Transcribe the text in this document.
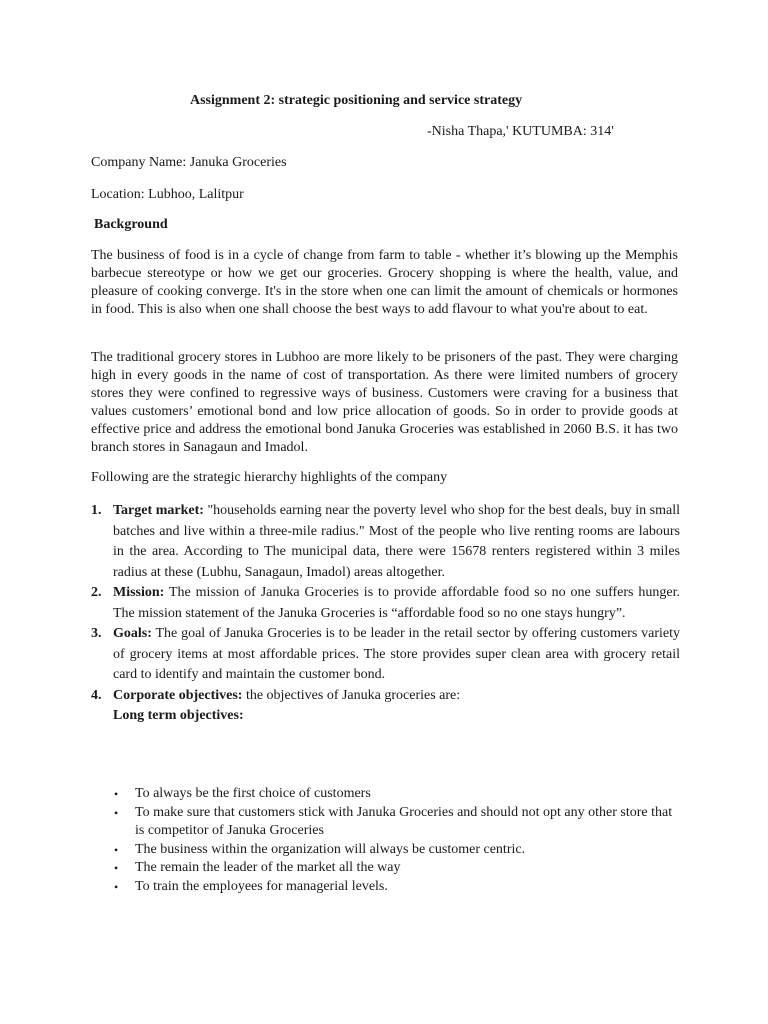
Assignment 2: strategic positioning and service strategy
-Nisha Thapa,' KUTUMBA: 314'
Company Name: Januka Groceries
Location: Lubhoo, Lalitpur
Background

The business of food is in a cycle of change from farm to table - whether it’s blowing up the Memphis barbecue stereotype or how we get our groceries. Grocery shopping is where the health, value, and pleasure of cooking converge. It's in the store when one can limit the amount of chemicals or hormones in food. This is also when one shall choose the best ways to add flavour to what you're about to eat.

The traditional grocery stores in Lubhoo are more likely to be prisoners of the past. They were charging high in every goods in the name of cost of transportation. As there were limited numbers of grocery stores they were confined to regressive ways of business. Customers were craving for a business that values customers’ emotional bond and low price allocation of goods. So in order to provide goods at effective price and address the emotional bond Januka Groceries was established in 2060 B.S. it has two branch stores in Sanagaun and Imadol.

Following are the strategic hierarchy highlights of the company
1. Target market: "households earning near the poverty level who shop for the best deals, buy in small batches and live within a three-mile radius." Most of the people who live renting rooms are labours in the area. According to The municipal data, there were 15678 renters registered within 3 miles radius at these (Lubhu, Sanagaun, Imadol) areas altogether.
2. Mission: The mission of Januka Groceries is to provide affordable food so no one suffers hunger. The mission statement of the Januka Groceries is “affordable food so no one stays hungry”.
3. Goals: The goal of Januka Groceries is to be leader in the retail sector by offering customers variety of grocery items at most affordable prices. The store provides super clean area with grocery retail card to identify and maintain the customer bond.
4. Corporate objectives: the objectives of Januka groceries are:
Long term objectives:
• To always be the first choice of customers
• To make sure that customers stick with Januka Groceries and should not opt any other store that is competitor of Januka Groceries
• The business within the organization will always be customer centric.
• The remain the leader of the market all the way
• To train the employees for managerial levels.
